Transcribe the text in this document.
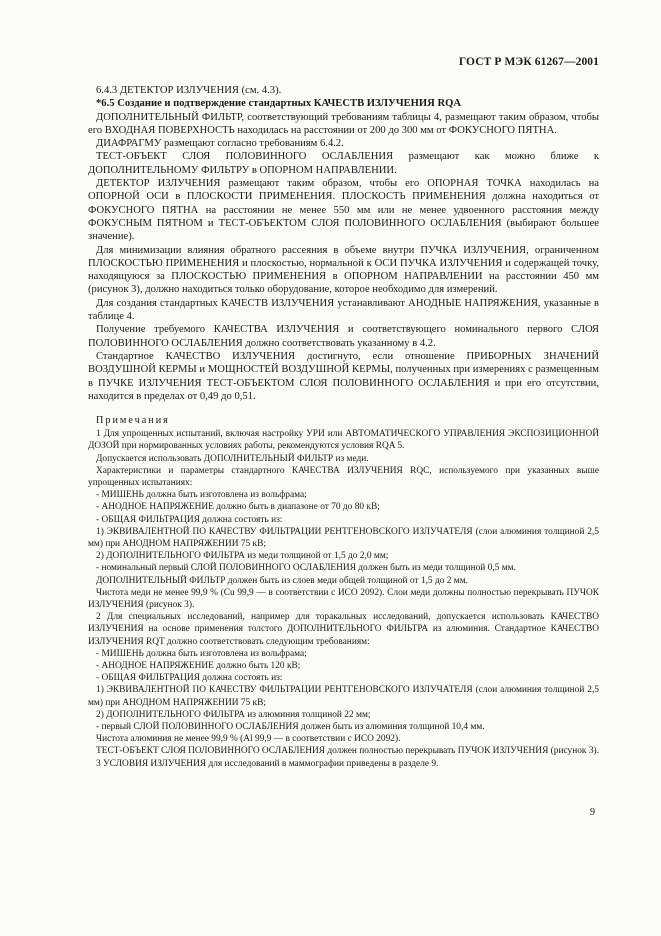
ГОСТ Р МЭК 61267—2001

6.4.3 ДЕТЕКТОР ИЗЛУЧЕНИЯ (см. 4.3).

*6.5 Создание и подтверждение стандартных КАЧЕСТВ ИЗЛУЧЕНИЯ RQA

ДОПОЛНИТЕЛЬНЫЙ ФИЛЬТР, соответствующий требованиям таблицы 4, размещают таким образом, чтобы его ВХОДНАЯ ПОВЕРХНОСТЬ находилась на расстоянии от 200 до 300 мм от ФОКУСНОГО ПЯТНА.

ДИАФРАГМУ размещают согласно требованиям 6.4.2.

ТЕСТ-ОБЪЕКТ СЛОЯ ПОЛОВИННОГО ОСЛАБЛЕНИЯ размещают как можно ближе к ДОПОЛНИТЕЛЬНОМУ ФИЛЬТРУ в ОПОРНОМ НАПРАВЛЕНИИ.

ДЕТЕКТОР ИЗЛУЧЕНИЯ размещают таким образом, чтобы его ОПОРНАЯ ТОЧКА находилась на ОПОРНОЙ ОСИ в ПЛОСКОСТИ ПРИМЕНЕНИЯ. ПЛОСКОСТЬ ПРИМЕНЕНИЯ должна находиться от ФОКУСНОГО ПЯТНА на расстоянии не менее 550 мм или не менее удвоенного расстояния между ФОКУСНЫМ ПЯТНОМ и ТЕСТ-ОБЪЕКТОМ СЛОЯ ПОЛОВИННОГО ОСЛАБЛЕНИЯ (выбирают большее значение).

Для минимизации влияния обратного рассеяния в объеме внутри ПУЧКА ИЗЛУЧЕНИЯ, ограниченном ПЛОСКОСТЬЮ ПРИМЕНЕНИЯ и плоскостью, нормальной к ОСИ ПУЧКА ИЗЛУЧЕНИЯ и содержащей точку, находящуюся за ПЛОСКОСТЬЮ ПРИМЕНЕНИЯ в ОПОРНОМ НАПРАВЛЕНИИ на расстоянии 450 мм (рисунок 3), должно находиться только оборудование, которое необходимо для измерений.

Для создания стандартных КАЧЕСТВ ИЗЛУЧЕНИЯ устанавливают АНОДНЫЕ НАПРЯЖЕНИЯ, указанные в таблице 4.

Получение требуемого КАЧЕСТВА ИЗЛУЧЕНИЯ и соответствующего номинального первого СЛОЯ ПОЛОВИННОГО ОСЛАБЛЕНИЯ должно соответствовать указанному в 4.2.

Стандартное КАЧЕСТВО ИЗЛУЧЕНИЯ достигнуто, если отношение ПРИБОРНЫХ ЗНАЧЕНИЙ ВОЗДУШНОЙ КЕРМЫ и МОЩНОСТЕЙ ВОЗДУШНОЙ КЕРМЫ, полученных при измерениях с размещенным в ПУЧКЕ ИЗЛУЧЕНИЯ ТЕСТ-ОБЪЕКТОМ СЛОЯ ПОЛОВИННОГО ОСЛАБЛЕНИЯ и при его отсутствии, находится в пределах от 0,49 до 0,51.

Примечания

1 Для упрощенных испытаний, включая настройку УРИ или АВТОМАТИЧЕСКОГО УПРАВЛЕНИЯ ЭКСПОЗИЦИОННОЙ ДОЗОЙ при нормированных условиях работы, рекомендуются условия RQA 5.

Допускается использовать ДОПОЛНИТЕЛЬНЫЙ ФИЛЬТР из меди.

Характеристики и параметры стандартного КАЧЕСТВА ИЗЛУЧЕНИЯ RQC, используемого при указанных выше упрощенных испытаниях:

- МИШЕНЬ должна быть изготовлена из вольфрама;

- АНОДНОЕ НАПРЯЖЕНИЕ должно быть в диапазоне от 70 до 80 кВ;

- ОБЩАЯ ФИЛЬТРАЦИЯ должна состоять из:

1) ЭКВИВАЛЕНТНОЙ ПО КАЧЕСТВУ ФИЛЬТРАЦИИ РЕНТГЕНОВСКОГО ИЗЛУЧАТЕЛЯ (слои алюминия толщиной 2,5 мм) при АНОДНОМ НАПРЯЖЕНИИ 75 кВ;

2) ДОПОЛНИТЕЛЬНОГО ФИЛЬТРА из меди толщиной от 1,5 до 2,0 мм;

- номинальный первый СЛОЙ ПОЛОВИННОГО ОСЛАБЛЕНИЯ должен быть из меди толщиной 0,5 мм.

ДОПОЛНИТЕЛЬНЫЙ ФИЛЬТР должен быть из слоев меди общей толщиной от 1,5 до 2 мм.

Чистота меди не менее 99,9 % (Cu 99,9 — в соответствии с ИСО 2092). Слои меди должны полностью перекрывать ПУЧОК ИЗЛУЧЕНИЯ (рисунок 3).

2 Для специальных исследований, например для торакальных исследований, допускается использовать КАЧЕСТВО ИЗЛУЧЕНИЯ на основе применения толстого ДОПОЛНИТЕЛЬНОГО ФИЛЬТРА из алюминия. Стандартное КАЧЕСТВО ИЗЛУЧЕНИЯ RQT должно соответствовать следующим требованиям:

- МИШЕНЬ должна быть изготовлена из вольфрама;

- АНОДНОЕ НАПРЯЖЕНИЕ должно быть 120 кВ;

- ОБЩАЯ ФИЛЬТРАЦИЯ должна состоять из:

1) ЭКВИВАЛЕНТНОЙ ПО КАЧЕСТВУ ФИЛЬТРАЦИИ РЕНТГЕНОВСКОГО ИЗЛУЧАТЕЛЯ (слои алюминия толщиной 2,5 мм) при АНОДНОМ НАПРЯЖЕНИИ 75 кВ;

2) ДОПОЛНИТЕЛЬНОГО ФИЛЬТРА из алюминия толщиной 22 мм;

- первый СЛОЙ ПОЛОВИННОГО ОСЛАБЛЕНИЯ должен быть из алюминия толщиной 10,4 мм.

Чистота алюминия не менее 99,9 % (Al 99,9 — в соответствии с ИСО 2092).

ТЕСТ-ОБЪЕКТ СЛОЯ ПОЛОВИННОГО ОСЛАБЛЕНИЯ должен полностью перекрывать ПУЧОК ИЗЛУЧЕНИЯ (рисунок 3).

3 УСЛОВИЯ ИЗЛУЧЕНИЯ для исследований в маммографии приведены в разделе 9.

9
